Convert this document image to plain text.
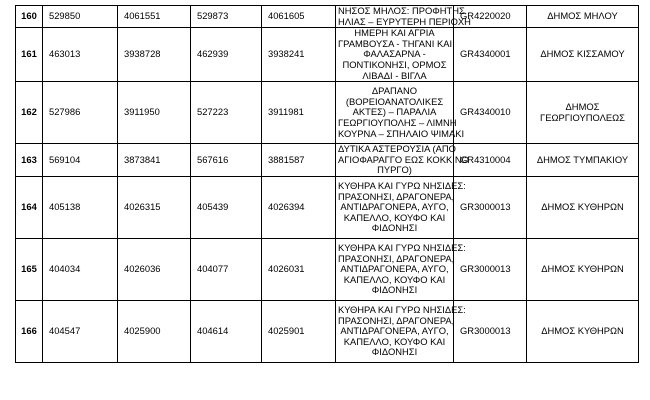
160	529850	4061551	529873	4061605	ΝΗΣΟΣ ΜΗΛΟΣ: ΠΡΟΦΗΤΗΣ
ΗΛΙΑΣ – ΕΥΡΥΤΕΡΗ ΠΕΡΙΟΧΗ	GR4220020	ΔΗΜΟΣ ΜΗΛΟΥ

161	463013	3938728	462939	3938241	ΗΜΕΡΗ ΚΑΙ ΑΓΡΙΑ
ΓΡΑΜΒΟΥΣΑ - ΤΗΓΑΝΙ ΚΑΙ
ΦΑΛΑΣΑΡΝΑ -
ΠΟΝΤΙΚΟΝΗΣΙ, ΟΡΜΟΣ
ΛΙΒΑΔΙ - ΒΙΓΛΑ	GR4340001	ΔΗΜΟΣ ΚΙΣΣΑΜΟΥ

162	527986	3911950	527223	3911981	ΔΡΑΠΑΝΟ
(ΒΟΡΕΙΟΑΝΑΤΟΛΙΚΕΣ
ΑΚΤΕΣ) – ΠΑΡΑΛΙΑ
ΓΕΩΡΓΙΟΥΠΟΛΗΣ – ΛΙΜΝΗ
ΚΟΥΡΝΑ – ΣΠΗΛΑΙΟ ΨΙΜΑΚΙ	GR4340010	ΔΗΜΟΣ
ΓΕΩΡΓΙΟΥΠΟΛΕΩΣ

163	569104	3873841	567616	3881587	ΔΥΤΙΚΑ ΑΣΤΕΡΟΥΣΙΑ (ΑΠΟ
ΑΓΙΟΦΑΡΑΓΓΟ ΕΩΣ ΚΟΚΚΙΝΟ
ΠΥΡΓΟ)	GR4310004	ΔΗΜΟΣ ΤΥΜΠΑΚΙΟΥ

164	405138	4026315	405439	4026394	ΚΥΘΗΡΑ ΚΑΙ ΓΥΡΩ ΝΗΣΙΔΕΣ:
ΠΡΑΣΟΝΗΣΙ, ΔΡΑΓΟΝΕΡΑ,
ΑΝΤΙΔΡΑΓΟΝΕΡΑ, ΑΥΓΟ,
ΚΑΠΕΛΛΟ, ΚΟΥΦΟ ΚΑΙ
ΦΙΔΟΝΗΣΙ	GR3000013	ΔΗΜΟΣ ΚΥΘΗΡΩΝ

165	404034	4026036	404077	4026031	ΚΥΘΗΡΑ ΚΑΙ ΓΥΡΩ ΝΗΣΙΔΕΣ:
ΠΡΑΣΟΝΗΣΙ, ΔΡΑΓΟΝΕΡΑ,
ΑΝΤΙΔΡΑΓΟΝΕΡΑ, ΑΥΓΟ,
ΚΑΠΕΛΛΟ, ΚΟΥΦΟ ΚΑΙ
ΦΙΔΟΝΗΣΙ	GR3000013	ΔΗΜΟΣ ΚΥΘΗΡΩΝ

166	404547	4025900	404614	4025901	ΚΥΘΗΡΑ ΚΑΙ ΓΥΡΩ ΝΗΣΙΔΕΣ:
ΠΡΑΣΟΝΗΣΙ, ΔΡΑΓΟΝΕΡΑ,
ΑΝΤΙΔΡΑΓΟΝΕΡΑ, ΑΥΓΟ,
ΚΑΠΕΛΛΟ, ΚΟΥΦΟ ΚΑΙ
ΦΙΔΟΝΗΣΙ	GR3000013	ΔΗΜΟΣ ΚΥΘΗΡΩΝ
